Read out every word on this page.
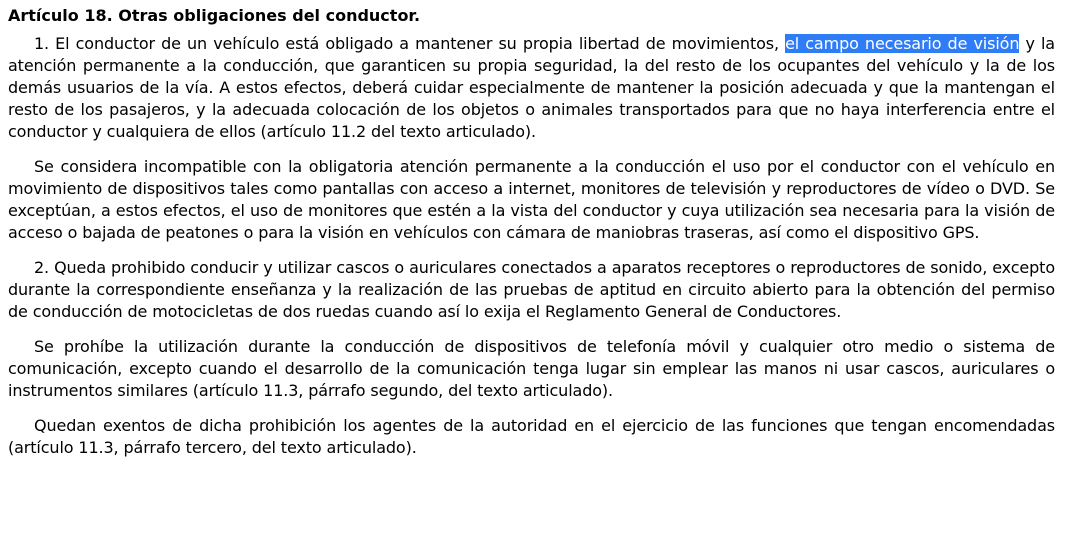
Artículo 18. Otras obligaciones del conductor.

1. El conductor de un vehículo está obligado a mantener su propia libertad de movimientos, el campo necesario de visión y la atención permanente a la conducción, que garanticen su propia seguridad, la del resto de los ocupantes del vehículo y la de los demás usuarios de la vía. A estos efectos, deberá cuidar especialmente de mantener la posición adecuada y que la mantengan el resto de los pasajeros, y la adecuada colocación de los objetos o animales transportados para que no haya interferencia entre el conductor y cualquiera de ellos (artículo 11.2 del texto articulado).

Se considera incompatible con la obligatoria atención permanente a la conducción el uso por el conductor con el vehículo en movimiento de dispositivos tales como pantallas con acceso a internet, monitores de televisión y reproductores de vídeo o DVD. Se exceptúan, a estos efectos, el uso de monitores que estén a la vista del conductor y cuya utilización sea necesaria para la visión de acceso o bajada de peatones o para la visión en vehículos con cámara de maniobras traseras, así como el dispositivo GPS.

2. Queda prohibido conducir y utilizar cascos o auriculares conectados a aparatos receptores o reproductores de sonido, excepto durante la correspondiente enseñanza y la realización de las pruebas de aptitud en circuito abierto para la obtención del permiso de conducción de motocicletas de dos ruedas cuando así lo exija el Reglamento General de Conductores.

Se prohíbe la utilización durante la conducción de dispositivos de telefonía móvil y cualquier otro medio o sistema de comunicación, excepto cuando el desarrollo de la comunicación tenga lugar sin emplear las manos ni usar cascos, auriculares o instrumentos similares (artículo 11.3, párrafo segundo, del texto articulado).

Quedan exentos de dicha prohibición los agentes de la autoridad en el ejercicio de las funciones que tengan encomendadas (artículo 11.3, párrafo tercero, del texto articulado).
